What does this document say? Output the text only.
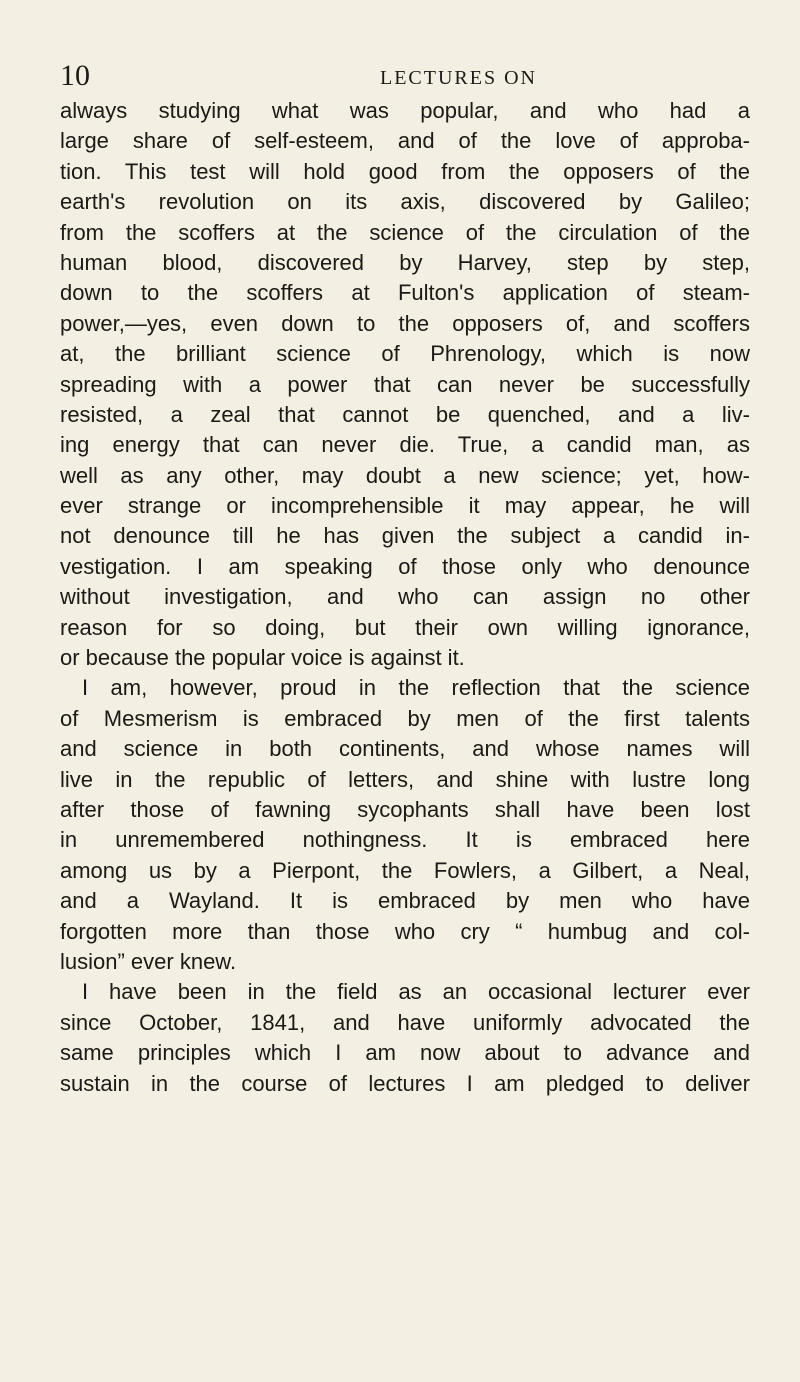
10	LECTURES ON
always studying what was popular, and who had a
large share of self-esteem, and of the love of approba-
tion. This test will hold good from the opposers of the
earth's revolution on its axis, discovered by Galileo;
from the scoffers at the science of the circulation of the
human blood, discovered by Harvey, step by step,
down to the scoffers at Fulton's application of steam-
power,—yes, even down to the opposers of, and scoffers
at, the brilliant science of Phrenology, which is now
spreading with a power that can never be successfully
resisted, a zeal that cannot be quenched, and a liv-
ing energy that can never die. True, a candid man, as
well as any other, may doubt a new science; yet, how-
ever strange or incomprehensible it may appear, he will
not denounce till he has given the subject a candid in-
vestigation. I am speaking of those only who denounce
without investigation, and who can assign no other
reason for so doing, but their own willing ignorance,
or because the popular voice is against it.
I am, however, proud in the reflection that the science
of Mesmerism is embraced by men of the first talents
and science in both continents, and whose names will
live in the republic of letters, and shine with lustre long
after those of fawning sycophants shall have been lost
in unremembered nothingness. It is embraced here
among us by a Pierpont, the Fowlers, a Gilbert, a Neal,
and a Wayland. It is embraced by men who have
forgotten more than those who cry “ humbug and col-
lusion” ever knew.
I have been in the field as an occasional lecturer ever
since October, 1841, and have uniformly advocated the
same principles which I am now about to advance and
sustain in the course of lectures I am pledged to deliver
